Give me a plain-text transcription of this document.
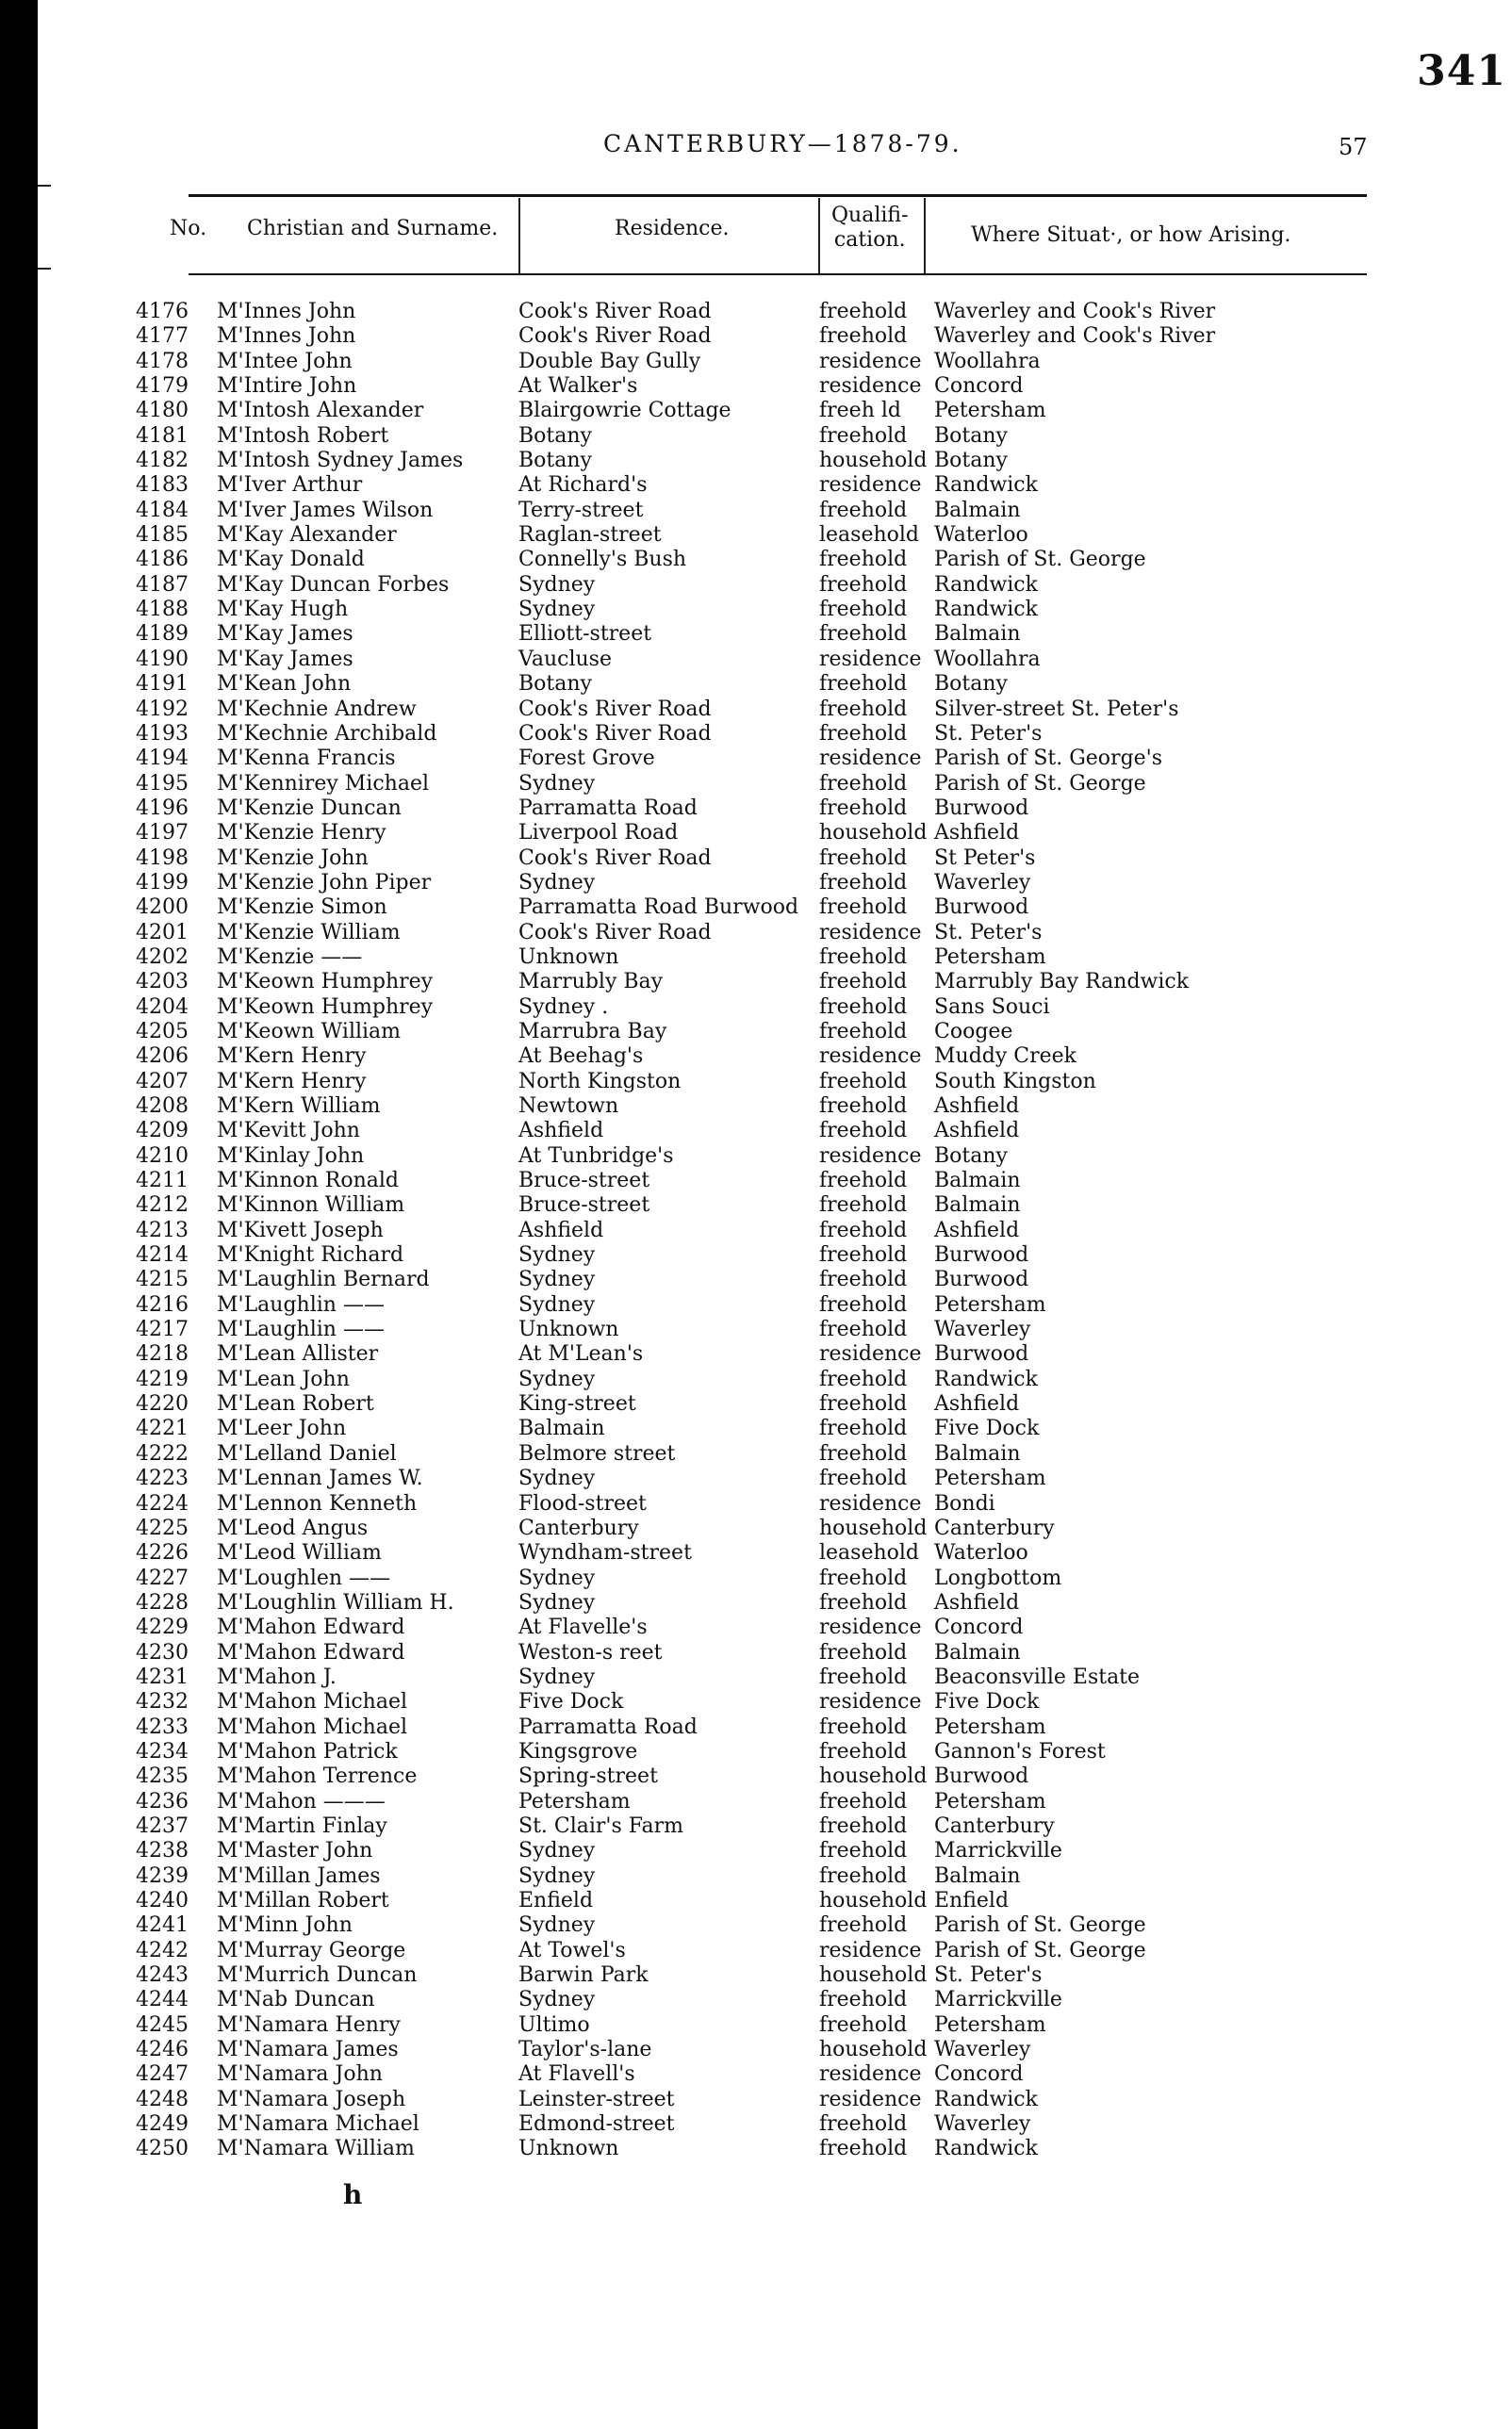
341
CANTERBURY—1878-79.	57
No. Christian and Surname.	Residence.
Qualifi-
cation.	Where Situat·, or how Arising.
4176 M'Innes John	Cook's River Road	freehold Waverley and Cook's River
4177 M'Innes John	Cook's River Road	freehold Waverley and Cook's River
4178 M'Intee John	Double Bay Gully	residence Woollahra
4179 M'Intire John	At Walker's	residence Concord
4180 M'Intosh Alexander	Blairgowrie Cottage	freeh ld Petersham
4181 M'Intosh Robert	Botany	freehold Botany
4182 M'Intosh Sydney James	Botany	household Botany
4183 M'Iver Arthur	At Richard's	residence Randwick
4184 M'Iver James Wilson	Terry-street	freehold Balmain
4185 M'Kay Alexander	Raglan-street	leasehold Waterloo
4186 M'Kay Donald	Connelly's Bush	freehold Parish of St. George
4187 M'Kay Duncan Forbes	Sydney	freehold Randwick
4188 M'Kay Hugh	Sydney	freehold Randwick
4189 M'Kay James	Elliott-street	freehold Balmain
4190 M'Kay James	Vaucluse	residence Woollahra
4191 M'Kean John	Botany	freehold Botany
4192 M'Kechnie Andrew	Cook's River Road	freehold Silver-street St. Peter's
4193 M'Kechnie Archibald	Cook's River Road	freehold St. Peter's
4194 M'Kenna Francis	Forest Grove	residence Parish of St. George's
4195 M'Kennirey Michael	Sydney	freehold Parish of St. George
4196 M'Kenzie Duncan	Parramatta Road	freehold Burwood
4197 M'Kenzie Henry	Liverpool Road	household Ashfield
4198 M'Kenzie John	Cook's River Road	freehold St Peter's
4199 M'Kenzie John Piper	Sydney	freehold Waverley
4200 M'Kenzie Simon	Parramatta Road Burwood freehold Burwood
4201 M'Kenzie William	Cook's River Road	residence St. Peter's
4202 M'Kenzie ——	Unknown	freehold Petersham
4203 M'Keown Humphrey	Marrubly Bay	freehold Marrubly Bay Randwick
4204 M'Keown Humphrey	Sydney .	freehold Sans Souci
4205 M'Keown William	Marrubra Bay	freehold Coogee
4206 M'Kern Henry	At Beehag's	residence Muddy Creek
4207 M'Kern Henry	North Kingston	freehold South Kingston
4208 M'Kern William	Newtown	freehold Ashfield
4209 M'Kevitt John	Ashfield	freehold Ashfield
4210 M'Kinlay John	At Tunbridge's	residence Botany
4211 M'Kinnon Ronald	Bruce-street	freehold Balmain
4212 M'Kinnon William	Bruce-street	freehold Balmain
4213 M'Kivett Joseph	Ashfield	freehold Ashfield
4214 M'Knight Richard	Sydney	freehold Burwood
4215 M'Laughlin Bernard	Sydney	freehold Burwood
4216 M'Laughlin ——	Sydney	freehold Petersham
4217 M'Laughlin ——	Unknown	freehold Waverley
4218 M'Lean Allister	At M'Lean's	residence Burwood
4219 M'Lean John	Sydney	freehold Randwick
4220 M'Lean Robert	King-street	freehold Ashfield
4221 M'Leer John	Balmain	freehold Five Dock
4222 M'Lelland Daniel	Belmore street	freehold Balmain
4223 M'Lennan James W.	Sydney	freehold Petersham
4224 M'Lennon Kenneth	Flood-street	residence Bondi
4225 M'Leod Angus	Canterbury	household Canterbury
4226 M'Leod William	Wyndham-street	leasehold Waterloo
4227 M'Loughlen ——	Sydney	freehold Longbottom
4228 M'Loughlin William H.	Sydney	freehold Ashfield
4229 M'Mahon Edward	At Flavelle's	residence Concord
4230 M'Mahon Edward	Weston-s reet	freehold Balmain
4231 M'Mahon J.	Sydney	freehold Beaconsville Estate
4232 M'Mahon Michael	Five Dock	residence Five Dock
4233 M'Mahon Michael	Parramatta Road	freehold Petersham
4234 M'Mahon Patrick	Kingsgrove	freehold Gannon's Forest
4235 M'Mahon Terrence	Spring-street	household Burwood
4236 M'Mahon ———	Petersham	freehold Petersham
4237 M'Martin Finlay	St. Clair's Farm	freehold Canterbury
4238 M'Master John	Sydney	freehold Marrickville
4239 M'Millan James	Sydney	freehold Balmain
4240 M'Millan Robert	Enfield	household Enfield
4241 M'Minn John	Sydney	freehold Parish of St. George
4242 M'Murray George	At Towel's	residence Parish of St. George
4243 M'Murrich Duncan	Barwin Park	household St. Peter's
4244 M'Nab Duncan	Sydney	freehold Marrickville
4245 M'Namara Henry	Ultimo	freehold Petersham
4246 M'Namara James	Taylor's-lane	household Waverley
4247 M'Namara John	At Flavell's	residence Concord
4248 M'Namara Joseph	Leinster-street	residence Randwick
4249 M'Namara Michael	Edmond-street	freehold Waverley
4250 M'Namara William	Unknown	freehold Randwick
h
